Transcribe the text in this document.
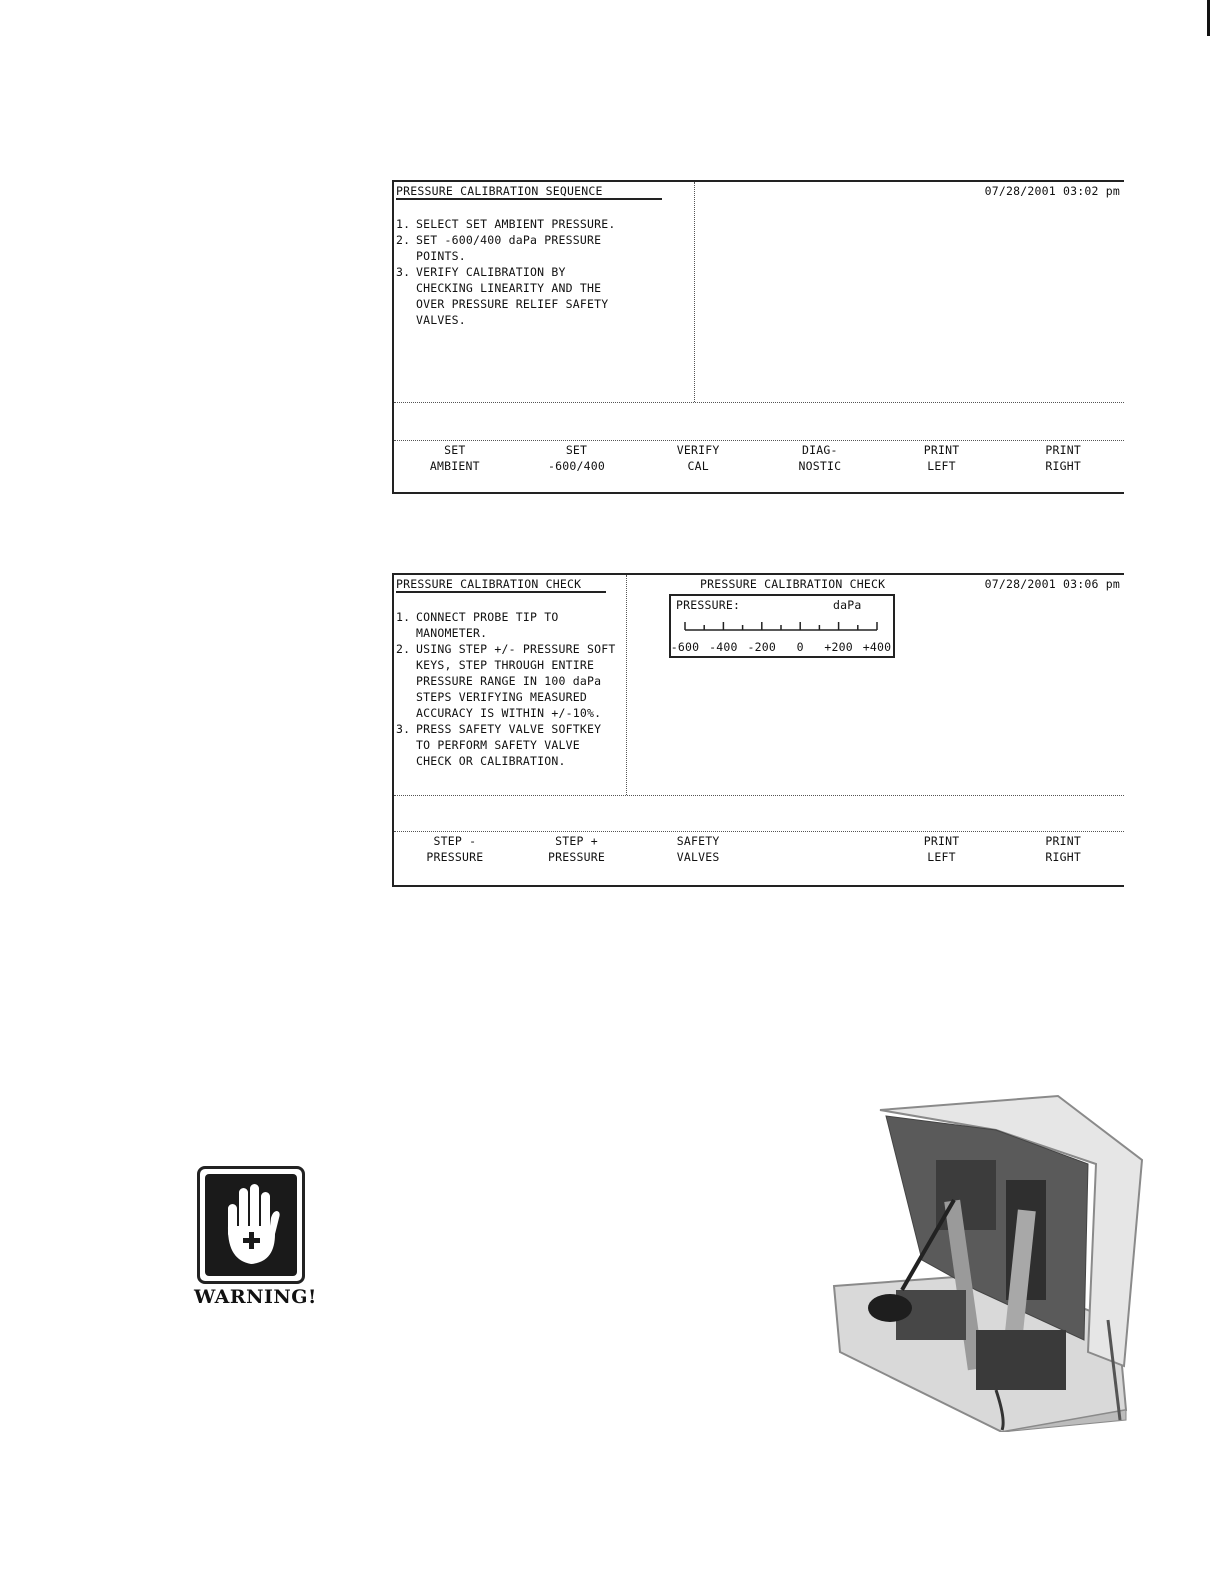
PRESSURE CALIBRATION SEQUENCE	07/28/2001 03:02 pm
1. SELECT SET AMBIENT PRESSURE.
2. SET -600/400 daPa PRESSURE
POINTS.
3. VERIFY CALIBRATION BY
CHECKING LINEARITY AND THE
OVER PRESSURE RELIEF SAFETY
VALVES.
SET
AMBIENT
SET
-600/400
VERIFY
CAL
DIAG-
NOSTIC
PRINT
LEFT
PRINT
RIGHT
PRESSURE CALIBRATION CHECK	PRESSURE CALIBRATION CHECK	07/28/2001 03:06 pm
PRESSURE:	daPa
-600 -400 -200 0 +200 +400
1. CONNECT PROBE TIP TO
MANOMETER.
2. USING STEP +/- PRESSURE SOFT
KEYS, STEP THROUGH ENTIRE
PRESSURE RANGE IN 100 daPa
STEPS VERIFYING MEASURED
ACCURACY IS WITHIN +/-10%.
3. PRESS SAFETY VALVE SOFTKEY
TO PERFORM SAFETY VALVE
CHECK OR CALIBRATION.
STEP -
PRESSURE
STEP +
PRESSURE
SAFETY
VALVES
PRINT
LEFT
PRINT
RIGHT
WARNING!
